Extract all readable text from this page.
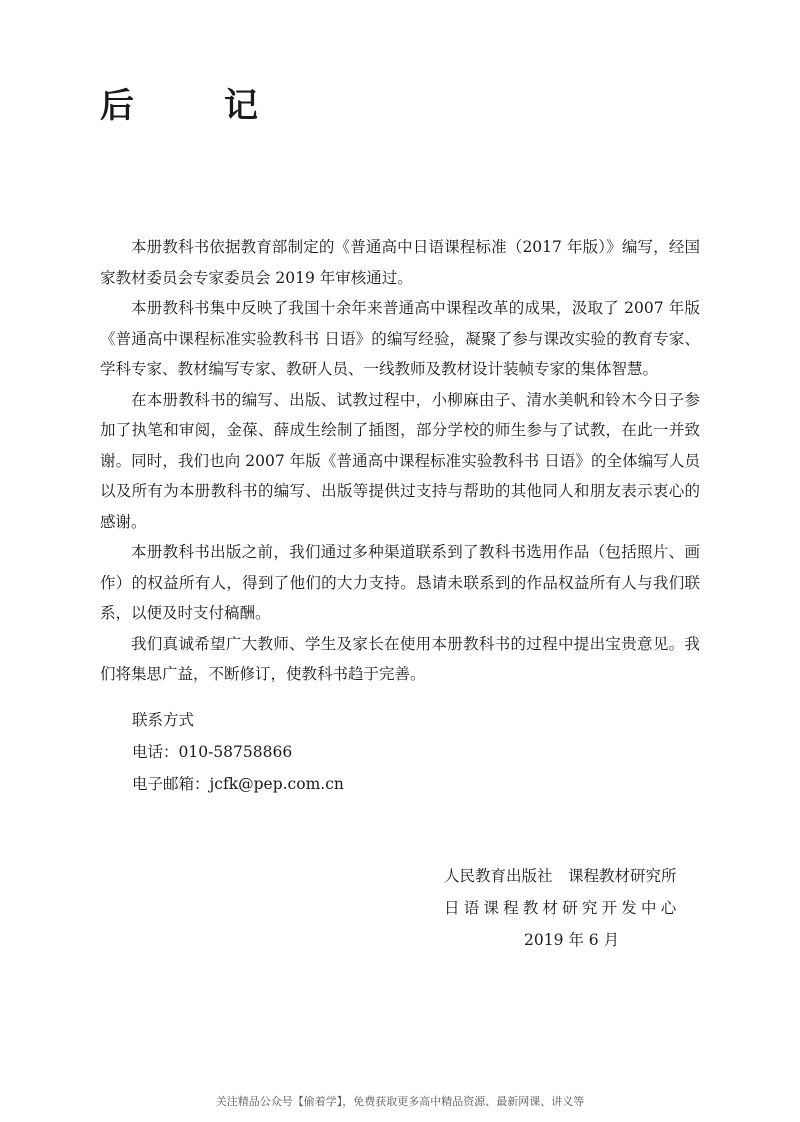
后　记

本册教科书依据教育部制定的《普通高中日语课程标准（2017 年版）》编写，经国家教材委员会专家委员会 2019 年审核通过。

本册教科书集中反映了我国十余年来普通高中课程改革的成果，汲取了 2007 年版《普通高中课程标准实验教科书 日语》的编写经验，凝聚了参与课改实验的教育专家、学科专家、教材编写专家、教研人员、一线教师及教材设计装帧专家的集体智慧。

在本册教科书的编写、出版、试教过程中，小柳麻由子、清水美帆和铃木今日子参加了执笔和审阅，金葆、薛成生绘制了插图，部分学校的师生参与了试教，在此一并致谢。同时，我们也向 2007 年版《普通高中课程标准实验教科书 日语》的全体编写人员以及所有为本册教科书的编写、出版等提供过支持与帮助的其他同人和朋友表示衷心的感谢。

本册教科书出版之前，我们通过多种渠道联系到了教科书选用作品（包括照片、画作）的权益所有人，得到了他们的大力支持。恳请未联系到的作品权益所有人与我们联系，以便及时支付稿酬。

我们真诚希望广大教师、学生及家长在使用本册教科书的过程中提出宝贵意见。我们将集思广益，不断修订，使教科书趋于完善。

联系方式
电话：010-58758866
电子邮箱：jcfk@pep.com.cn
人民教育出版社　课程教材研究所
日语课程教材研究开发中心
2019 年 6 月
关注精品公众号【偷着学】，免费获取更多高中精品资源、最新网课、讲义等
